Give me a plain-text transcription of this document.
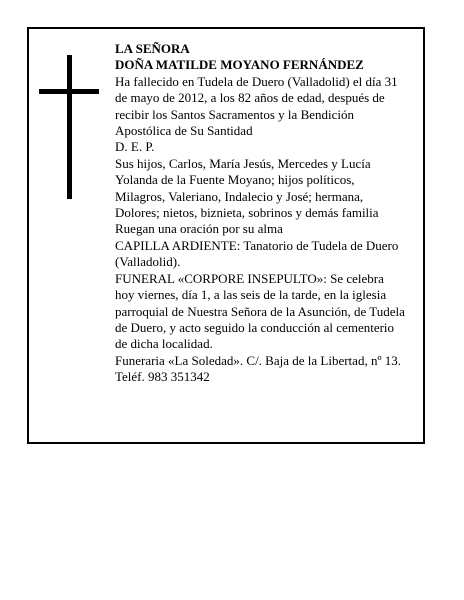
LA SEÑORA

DOÑA MATILDE MOYANO FERNÁNDEZ

Ha fallecido en Tudela de Duero (Valladolid) el día 31 de mayo de 2012, a los 82 años de edad, después de recibir los Santos Sacramentos y la Bendición Apostólica de Su Santidad

D. E. P.

Sus hijos, Carlos, María Jesús, Mercedes y Lucía Yolanda de la Fuente Moyano; hijos políticos, Milagros, Valeriano, Indalecio y José; hermana, Dolores; nietos, biznieta, sobrinos y demás familia

Ruegan una oración por su alma

CAPILLA ARDIENTE: Tanatorio de Tudela de Duero (Valladolid).

FUNERAL «CORPORE INSEPULTO»: Se celebra hoy viernes, día 1, a las seis de la tarde, en la iglesia parroquial de Nuestra Señora de la Asunción, de Tudela de Duero, y acto seguido la conducción al cementerio de dicha localidad.

Funeraria «La Soledad». C/. Baja de la Libertad, nº 13. Teléf. 983 351342
